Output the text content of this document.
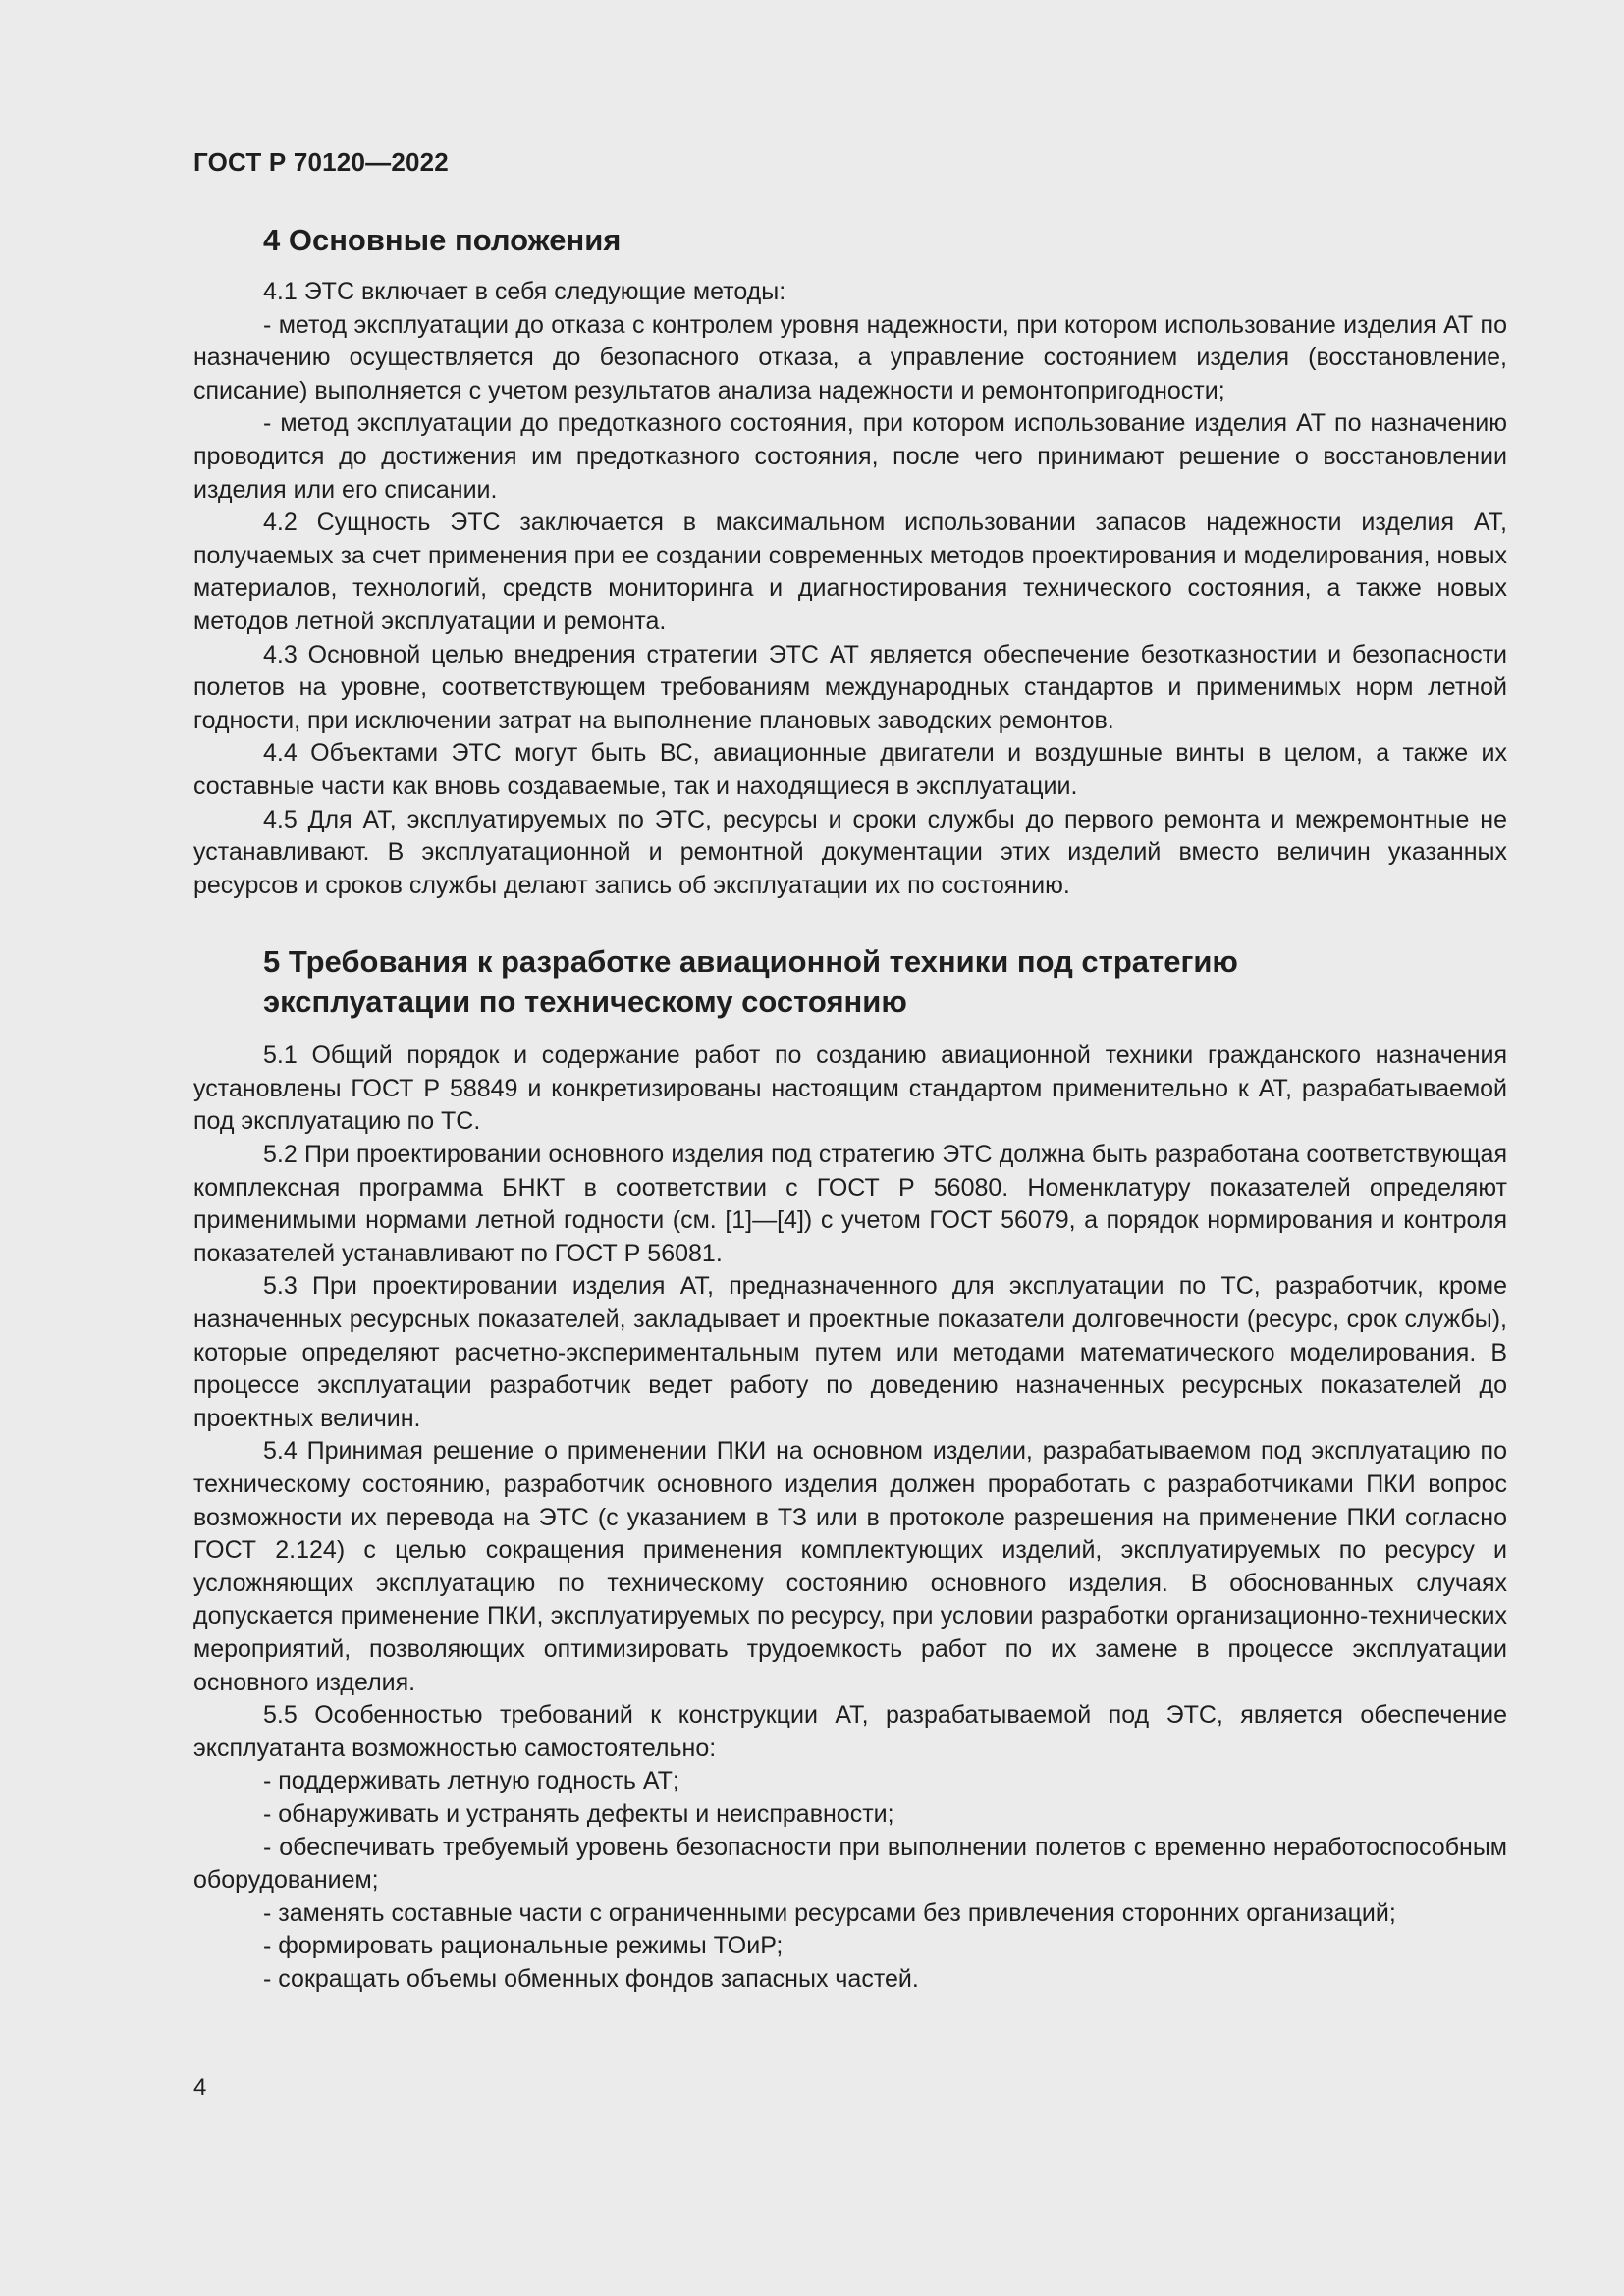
ГОСТ Р 70120—2022
4 Основные положения

4.1 ЭТС включает в себя следующие методы:

- метод эксплуатации до отказа с контролем уровня надежности, при котором использование изделия АТ по назначению осуществляется до безопасного отказа, а управление состоянием изделия (восстановление, списание) выполняется с учетом результатов анализа надежности и ремонтопригодности;

- метод эксплуатации до предотказного состояния, при котором использование изделия АТ по назначению проводится до достижения им предотказного состояния, после чего принимают решение о восстановлении изделия или его списании.

4.2 Сущность ЭТС заключается в максимальном использовании запасов надежности изделия АТ, получаемых за счет применения при ее создании современных методов проектирования и моделирования, новых материалов, технологий, средств мониторинга и диагностирования технического состояния, а также новых методов летной эксплуатации и ремонта.

4.3 Основной целью внедрения стратегии ЭТС АТ является обеспечение безотказностии и безопасности полетов на уровне, соответствующем требованиям международных стандартов и применимых норм летной годности, при исключении затрат на выполнение плановых заводских ремонтов.

4.4 Объектами ЭТС могут быть ВС, авиационные двигатели и воздушные винты в целом, а также их составные части как вновь создаваемые, так и находящиеся в эксплуатации.

4.5 Для АТ, эксплуатируемых по ЭТС, ресурсы и сроки службы до первого ремонта и межремонтные не устанавливают. В эксплуатационной и ремонтной документации этих изделий вместо величин указанных ресурсов и сроков службы делают запись об эксплуатации их по состоянию.

5 Требования к разработке авиационной техники под стратегию
эксплуатации по техническому состоянию

5.1 Общий порядок и содержание работ по созданию авиационной техники гражданского назначения установлены ГОСТ Р 58849 и конкретизированы настоящим стандартом применительно к АТ, разрабатываемой под эксплуатацию по ТС.

5.2 При проектировании основного изделия под стратегию ЭТС должна быть разработана соответствующая комплексная программа БНКТ в соответствии с ГОСТ Р 56080. Номенклатуру показателей определяют применимыми нормами летной годности (см. [1]—[4]) с учетом ГОСТ 56079, а порядок нормирования и контроля показателей устанавливают по ГОСТ Р 56081.

5.3 При проектировании изделия АТ, предназначенного для эксплуатации по ТС, разработчик, кроме назначенных ресурсных показателей, закладывает и проектные показатели долговечности (ресурс, срок службы), которые определяют расчетно-экспериментальным путем или методами математического моделирования. В процессе эксплуатации разработчик ведет работу по доведению назначенных ресурсных показателей до проектных величин.

5.4 Принимая решение о применении ПКИ на основном изделии, разрабатываемом под эксплуатацию по техническому состоянию, разработчик основного изделия должен проработать с разработчиками ПКИ вопрос возможности их перевода на ЭТС (с указанием в ТЗ или в протоколе разрешения на применение ПКИ согласно ГОСТ 2.124) с целью сокращения применения комплектующих изделий, эксплуатируемых по ресурсу и усложняющих эксплуатацию по техническому состоянию основного изделия. В обоснованных случаях допускается применение ПКИ, эксплуатируемых по ресурсу, при условии разработки организационно-технических мероприятий, позволяющих оптимизировать трудоемкость работ по их замене в процессе эксплуатации основного изделия.

5.5 Особенностью требований к конструкции АТ, разрабатываемой под ЭТС, является обеспечение эксплуатанта возможностью самостоятельно:

- поддерживать летную годность АТ;

- обнаруживать и устранять дефекты и неисправности;

- обеспечивать требуемый уровень безопасности при выполнении полетов с временно неработоспособным оборудованием;

- заменять составные части с ограниченными ресурсами без привлечения сторонних организаций;

- формировать рациональные режимы ТОиР;

- сокращать объемы обменных фондов запасных частей.

4
